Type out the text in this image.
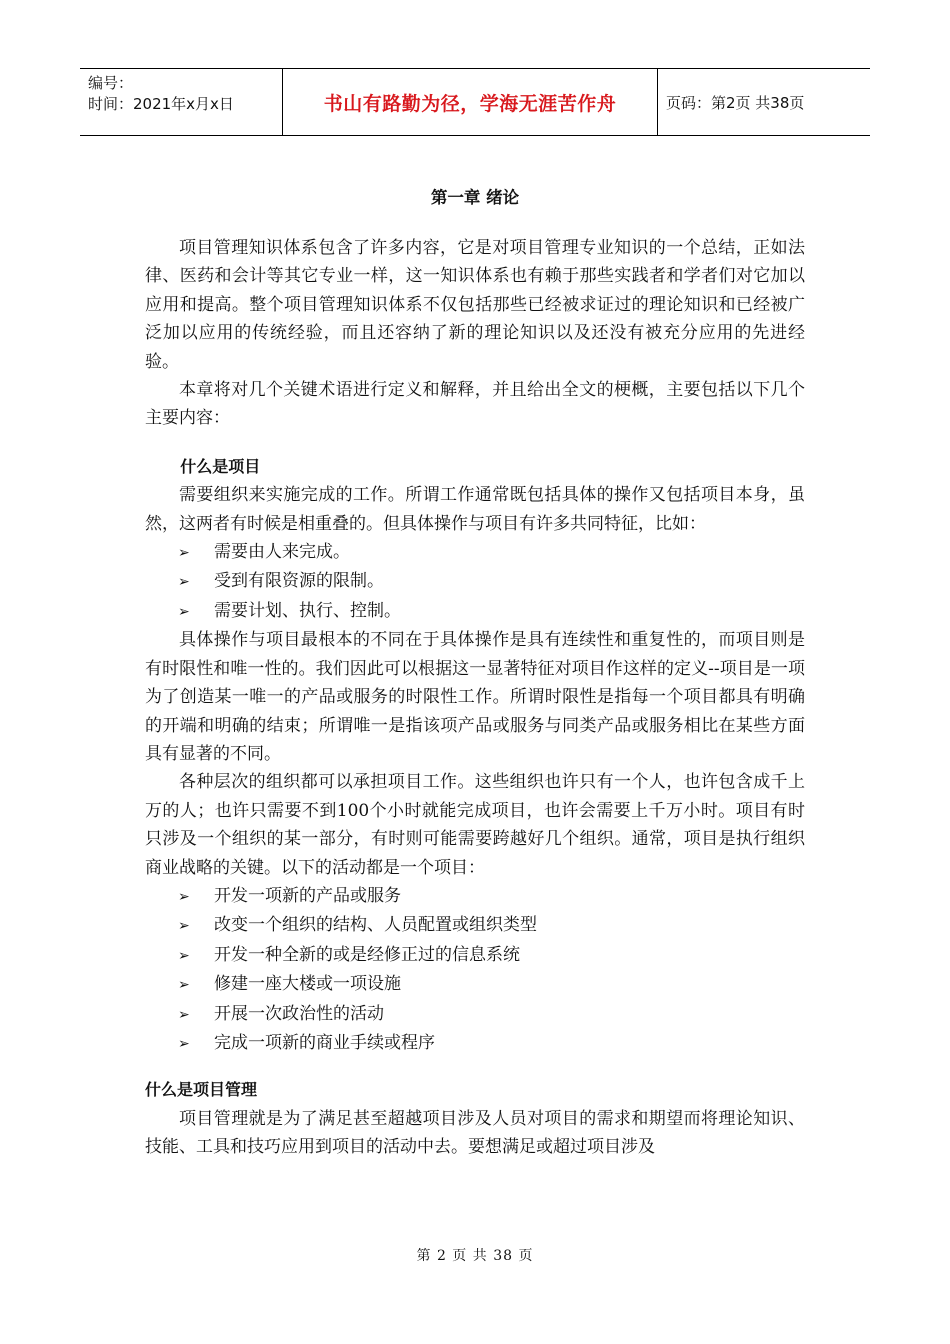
编号：
时间：2021年x月x日	书山有路勤为径，学海无涯苦作舟	页码：第2页 共38页
第一章 绪论

项目管理知识体系包含了许多内容，它是对项目管理专业知识的一个总结，正如法律、医药和会计等其它专业一样，这一知识体系也有赖于那些实践者和学者们对它加以应用和提高。整个项目管理知识体系不仅包括那些已经被求证过的理论知识和已经被广泛加以应用的传统经验，而且还容纳了新的理论知识以及还没有被充分应用的先进经验。

本章将对几个关键术语进行定义和解释，并且给出全文的梗概，主要包括以下几个主要内容：

什么是项目

需要组织来实施完成的工作。所谓工作通常既包括具体的操作又包括项目本身，虽然，这两者有时候是相重叠的。但具体操作与项目有许多共同特征，比如：

➢	需要由人来完成。
➢	受到有限资源的限制。
➢	需要计划、执行、控制。

具体操作与项目最根本的不同在于具体操作是具有连续性和重复性的，而项目则是有时限性和唯一性的。我们因此可以根据这一显著特征对项目作这样的定义--项目是一项为了创造某一唯一的产品或服务的时限性工作。所谓时限性是指每一个项目都具有明确的开端和明确的结束；所谓唯一是指该项产品或服务与同类产品或服务相比在某些方面具有显著的不同。

各种层次的组织都可以承担项目工作。这些组织也许只有一个人，也许包含成千上万的人；也许只需要不到100个小时就能完成项目，也许会需要上千万小时。项目有时只涉及一个组织的某一部分，有时则可能需要跨越好几个组织。通常，项目是执行组织商业战略的关键。以下的活动都是一个项目：

➢	开发一项新的产品或服务
➢	改变一个组织的结构、人员配置或组织类型
➢	开发一种全新的或是经修正过的信息系统
➢	修建一座大楼或一项设施
➢	开展一次政治性的活动
➢	完成一项新的商业手续或程序
什么是项目管理

项目管理就是为了满足甚至超越项目涉及人员对项目的需求和期望而将理论知识、技能、工具和技巧应用到项目的活动中去。要想满足或超过项目涉及

第 2 页 共 38 页
